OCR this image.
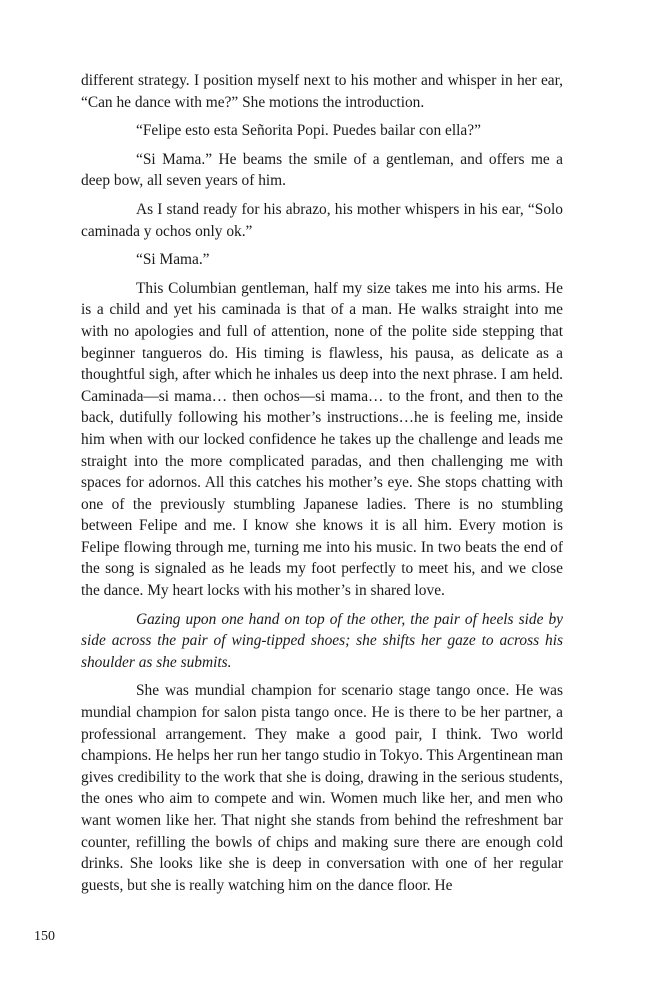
different strategy. I position myself next to his mother and whisper in her ear, “Can he dance with me?” She motions the introduction.

“Felipe esto esta Señorita Popi. Puedes bailar con ella?”

“Si Mama.” He beams the smile of a gentleman, and offers me a deep bow, all seven years of him.

As I stand ready for his abrazo, his mother whispers in his ear, “Solo caminada y ochos only ok.”

“Si Mama.”

This Columbian gentleman, half my size takes me into his arms. He is a child and yet his caminada is that of a man. He walks straight into me with no apologies and full of attention, none of the polite side stepping that beginner tangueros do. His timing is flawless, his pausa, as delicate as a thoughtful sigh, after which he inhales us deep into the next phrase. I am held. Caminada—si mama… then ochos—si mama… to the front, and then to the back, dutifully following his mother’s instructions…he is feeling me, inside him when with our locked confidence he takes up the challenge and leads me straight into the more complicated paradas, and then challenging me with spaces for adornos. All this catches his mother’s eye. She stops chatting with one of the previously stumbling Japanese ladies. There is no stumbling between Felipe and me. I know she knows it is all him. Every motion is Felipe flowing through me, turning me into his music. In two beats the end of the song is signaled as he leads my foot perfectly to meet his, and we close the dance. My heart locks with his mother’s in shared love.

Gazing upon one hand on top of the other, the pair of heels side by side across the pair of wing-tipped shoes; she shifts her gaze to across his shoulder as she submits.

She was mundial champion for scenario stage tango once. He was mundial champion for salon pista tango once. He is there to be her partner, a professional arrangement. They make a good pair, I think. Two world champions. He helps her run her tango studio in Tokyo. This Argentinean man gives credibility to the work that she is doing, drawing in the serious students, the ones who aim to compete and win. Women much like her, and men who want women like her. That night she stands from behind the refreshment bar counter, refilling the bowls of chips and making sure there are enough cold drinks. She looks like she is deep in conversation with one of her regular guests, but she is really watching him on the dance floor. He

150
